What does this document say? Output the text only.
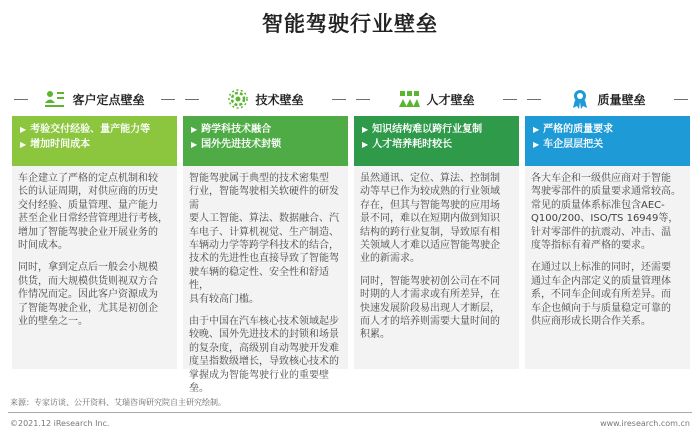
智能驾驶行业壁垒
客户定点壁垒
▶ 考验交付经验、量产能力等
▶ 增加时间成本

车企建立了严格的定点机制和较
长的认证周期，对供应商的历史
交付经验、质量管理、量产能力
甚至企业日常经营管理进行考核，
增加了智能驾驶企业开展业务的
时间成本。

同时，拿到定点后一般会小规模
供货，而大规模供货则视双方合
作情况而定。因此客户资源成为
了智能驾驶企业，尤其是初创企
业的壁垒之一。

技术壁垒
▶ 跨学科技术融合
▶ 国外先进技术封锁

智能驾驶属于典型的技术密集型
行业，智能驾驶相关软硬件的研发需
要人工智能、算法、数据融合、汽
车电子、计算机视觉、生产制造、
车辆动力学等跨学科技术的结合，
技术的先进性也直接导致了智能驾
驶车辆的稳定性、安全性和舒适性，
具有较高门槛。

由于中国在汽车核心技术领域起步
较晚、国外先进技术的封锁和场景
的复杂度，高级别自动驾驶开发难
度呈指数级增长，导致核心技术的
掌握成为智能驾驶行业的重要壁垒。

人才壁垒
▶ 知识结构难以跨行业复制
▶ 人才培养耗时较长

虽然通讯、定位、算法、控制制
动等早已作为较成熟的行业领域
存在，但其与智能驾驶的应用场
景不同，难以在短期内做到知识
结构的跨行业复制，导致原有相
关领域人才难以适应智能驾驶企
业的新需求。

同时，智能驾驶初创公司在不同
时期的人才需求或有所差异，在
快速发展阶段易出现人才断层，
而人才的培养则需要大量时间的
积累。

质量壁垒
▶ 严格的质量要求
▶ 车企层层把关

各大车企和一级供应商对于智能
驾驶零部件的质量要求通常较高。
常见的质量体系标准包含AEC-
Q100/200、ISO/TS 16949等，
针对零部件的抗震动、冲击、温
度等指标有着严格的要求。

在通过以上标准的同时，还需要
通过车企内部定义的质量管理体
系，不同车企间或有所差异。而
车企也倾向于与质量稳定可靠的
供应商形成长期合作关系。

来源：专家访谈、公开资料、艾瑞咨询研究院自主研究绘制。
©2021.12 iResearch Inc.	www.iresearch.com.cn
